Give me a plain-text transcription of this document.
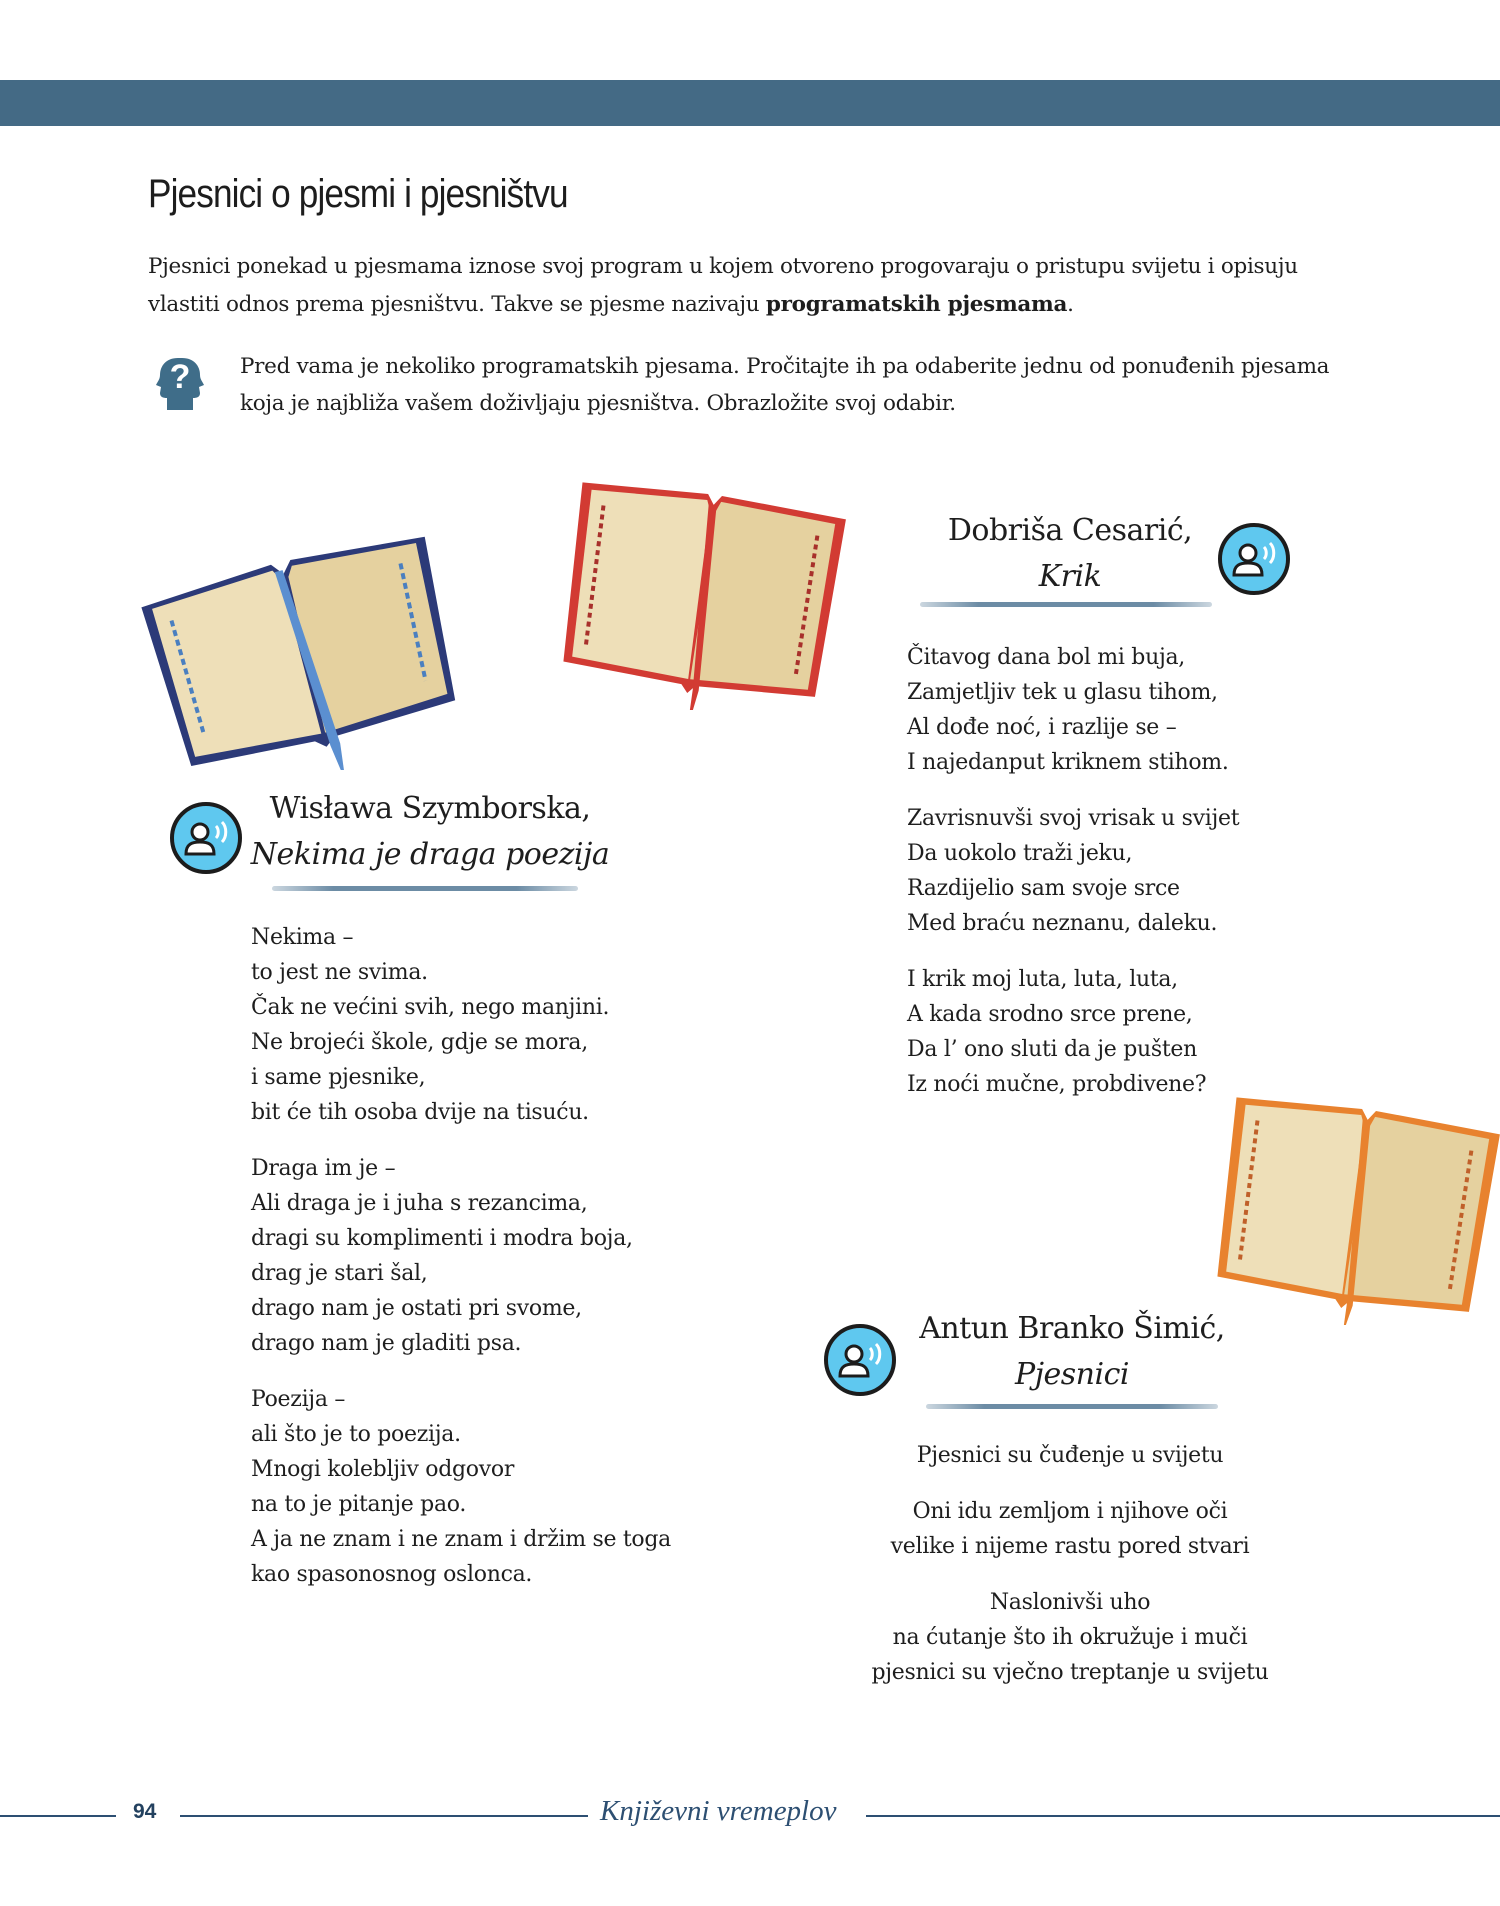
Pjesnici o pjesmi i pjesništvu

Pjesnici ponekad u pjesmama iznose svoj program u kojem otvoreno progovaraju o pristupu svijetu i opisuju vlastiti odnos prema pjesništvu. Takve se pjesme nazivaju programatskih pjesmama.

? Pred vama je nekoliko programatskih pjesama. Pročitajte ih pa odaberite jednu od ponuđenih pjesama koja je najbliža vašem doživljaju pjesništva. Obrazložite svoj odabir.

Wisława Szymborska,
Nekima je draga poezija

Nekima –
to jest ne svima.
Čak ne većini svih, nego manjini.
Ne brojeći škole, gdje se mora,
i same pjesnike,
bit će tih osoba dvije na tisuću.

Draga im je –
Ali draga je i juha s rezancima,
dragi su komplimenti i modra boja,
drag je stari šal,
drago nam je ostati pri svome,
drago nam je gladiti psa.

Poezija –
ali što je to poezija.
Mnogi kolebljiv odgovor
na to je pitanje pao.
A ja ne znam i ne znam i držim se toga
kao spasonosnog oslonca.

Dobriša Cesarić,
Krik

Čitavog dana bol mi buja,
Zamjetljiv tek u glasu tihom,
Al dođe noć, i razlije se –
I najedanput kriknem stihom.

Zavrisnuvši svoj vrisak u svijet
Da uokolo traži jeku,
Razdijelio sam svoje srce
Med braću neznanu, daleku.

I krik moj luta, luta, luta,
A kada srodno srce prene,
Da l’ ono sluti da je pušten
Iz noći mučne, probdivene?

Antun Branko Šimić,
Pjesnici

Pjesnici su čuđenje u svijetu

Oni idu zemljom i njihove oči
velike i nijeme rastu pored stvari

Naslonivši uho
na ćutanje što ih okružuje i muči
pjesnici su vječno treptanje u svijetu

94	Književni vremeplov
